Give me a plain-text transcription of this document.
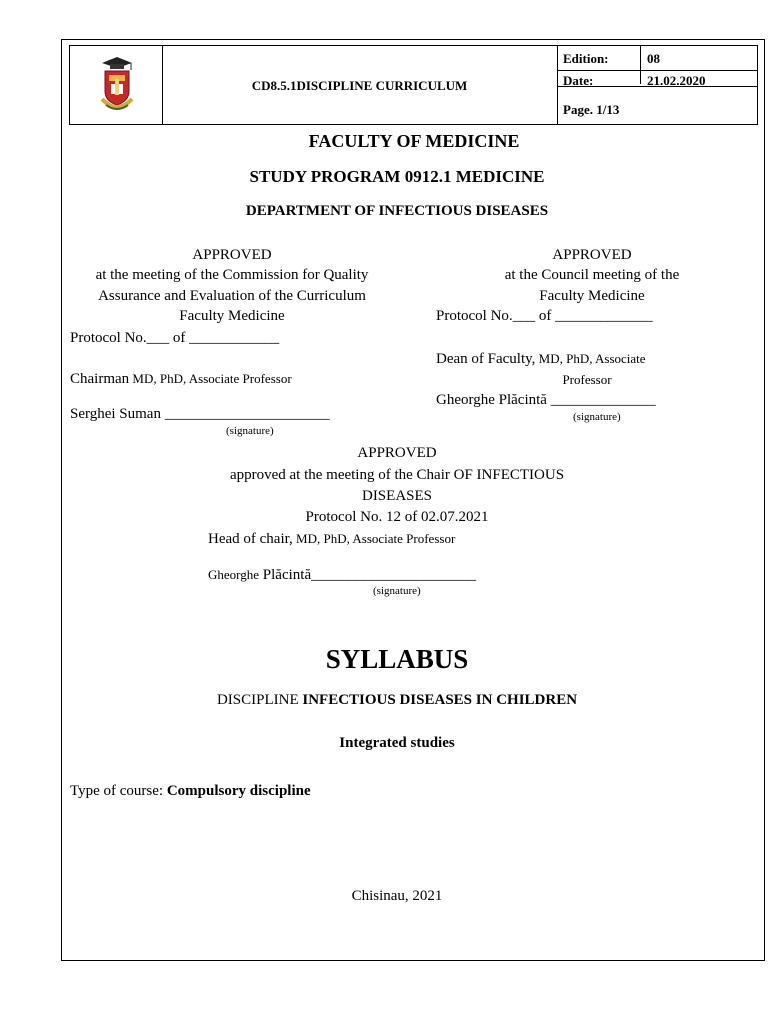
CD8.5.1DISCIPLINE CURRICULUM
Edition:	08
Date:	21.02.2020
Page. 1/13
FACULTY OF MEDICINE
STUDY PROGRAM 0912.1 MEDICINE
DEPARTMENT OF INFECTIOUS DISEASES
APPROVED
at the meeting of the Commission for Quality
Assurance and Evaluation of the Curriculum
Faculty Medicine
Protocol No.___ of ____________
Chairman MD, PhD, Associate Professor
Serghei Suman ______________________
(signature)
APPROVED
at the Council meeting of the
Faculty Medicine
Protocol No.___ of _____________
Dean of Faculty, MD, PhD, Associate
Professor
Gheorghe Plăcintă ______________
(signature)
APPROVED
approved at the meeting of the Chair OF INFECTIOUS
DISEASES
Protocol No. 12 of 02.07.2021
Head of chair, MD, PhD, Associate Professor
Gheorghe Plăcintă______________________
(signature)
SYLLABUS
DISCIPLINE INFECTIOUS DISEASES IN CHILDREN
Integrated studies
Type of course: Compulsory discipline
Chisinau, 2021
